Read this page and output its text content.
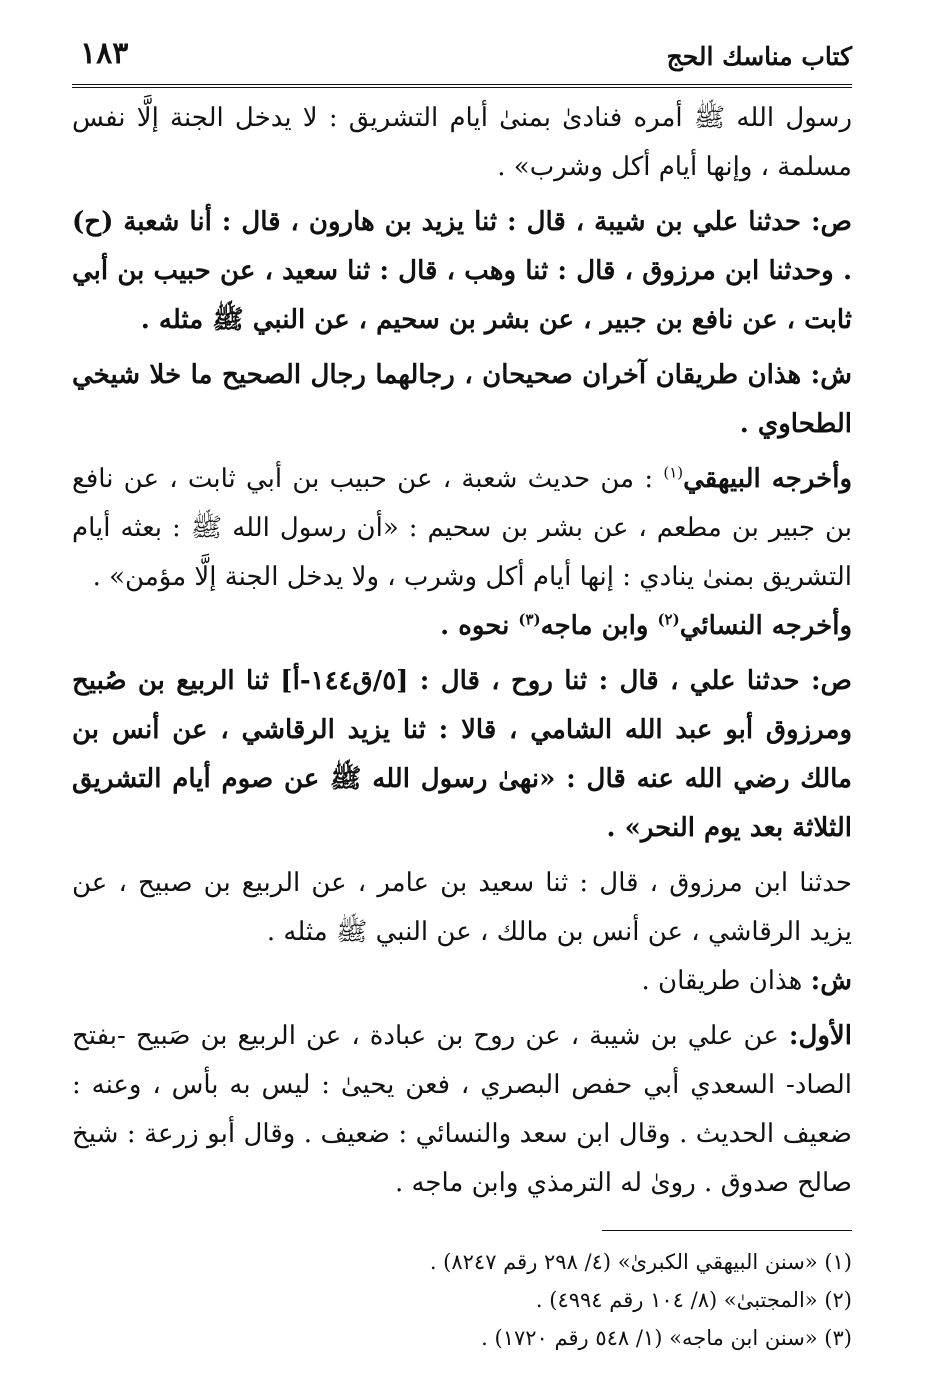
كتاب مناسك الحج
١٨٣

رسول الله ﷺ أمره فنادىٰ بمنىٰ أيام التشريق : لا يدخل الجنة إلَّا نفس مسلمة ، وإنها أيام أكل وشرب» .

ص: حدثنا علي بن شيبة ، قال : ثنا يزيد بن هارون ، قال : أنا شعبة (ح) . وحدثنا ابن مرزوق ، قال : ثنا وهب ، قال : ثنا سعيد ، عن حبيب بن أبي ثابت ، عن نافع بن جبير ، عن بشر بن سحيم ، عن النبي ﷺ مثله .

ش: هذان طريقان آخران صحيحان ، رجالهما رجال الصحيح ما خلا شيخي الطحاوي .

وأخرجه البيهقي$^{(١)}$ : من حديث شعبة ، عن حبيب بن أبي ثابت ، عن نافع بن جبير بن مطعم ، عن بشر بن سحيم : «أن رسول الله ﷺ : بعثه أيام التشريق بمنىٰ ينادي : إنها أيام أكل وشرب ، ولا يدخل الجنة إلَّا مؤمن» .

وأخرجه النسائي$^{(٢)}$ وابن ماجه$^{(٣)}$ نحوه .

ص: حدثنا علي ، قال : ثنا روح ، قال : [٥/ق١٤٤-أ] ثنا الربيع بن صُبيح ومرزوق أبو عبد الله الشامي ، قالا : ثنا يزيد الرقاشي ، عن أنس بن مالك رضي الله عنه قال : «نهىٰ رسول الله ﷺ عن صوم أيام التشريق الثلاثة بعد يوم النحر» .

حدثنا ابن مرزوق ، قال : ثنا سعيد بن عامر ، عن الربيع بن صبيح ، عن يزيد الرقاشي ، عن أنس بن مالك ، عن النبي ﷺ مثله .

ش: هذان طريقان .

الأول: عن علي بن شيبة ، عن روح بن عبادة ، عن الربيع بن صَبيح -بفتح الصاد- السعدي أبي حفص البصري ، فعن يحيىٰ : ليس به بأس ، وعنه : ضعيف الحديث . وقال ابن سعد والنسائي : ضعيف . وقال أبو زرعة : شيخ صالح صدوق . روىٰ له الترمذي وابن ماجه .

(١) «سنن البيهقي الكبرىٰ» (٤/ ٢٩٨ رقم ٨٢٤٧) .

(٢) «المجتبىٰ» (٨/ ١٠٤ رقم ٤٩٩٤) .

(٣) «سنن ابن ماجه» (١/ ٥٤٨ رقم ١٧٢٠) .
